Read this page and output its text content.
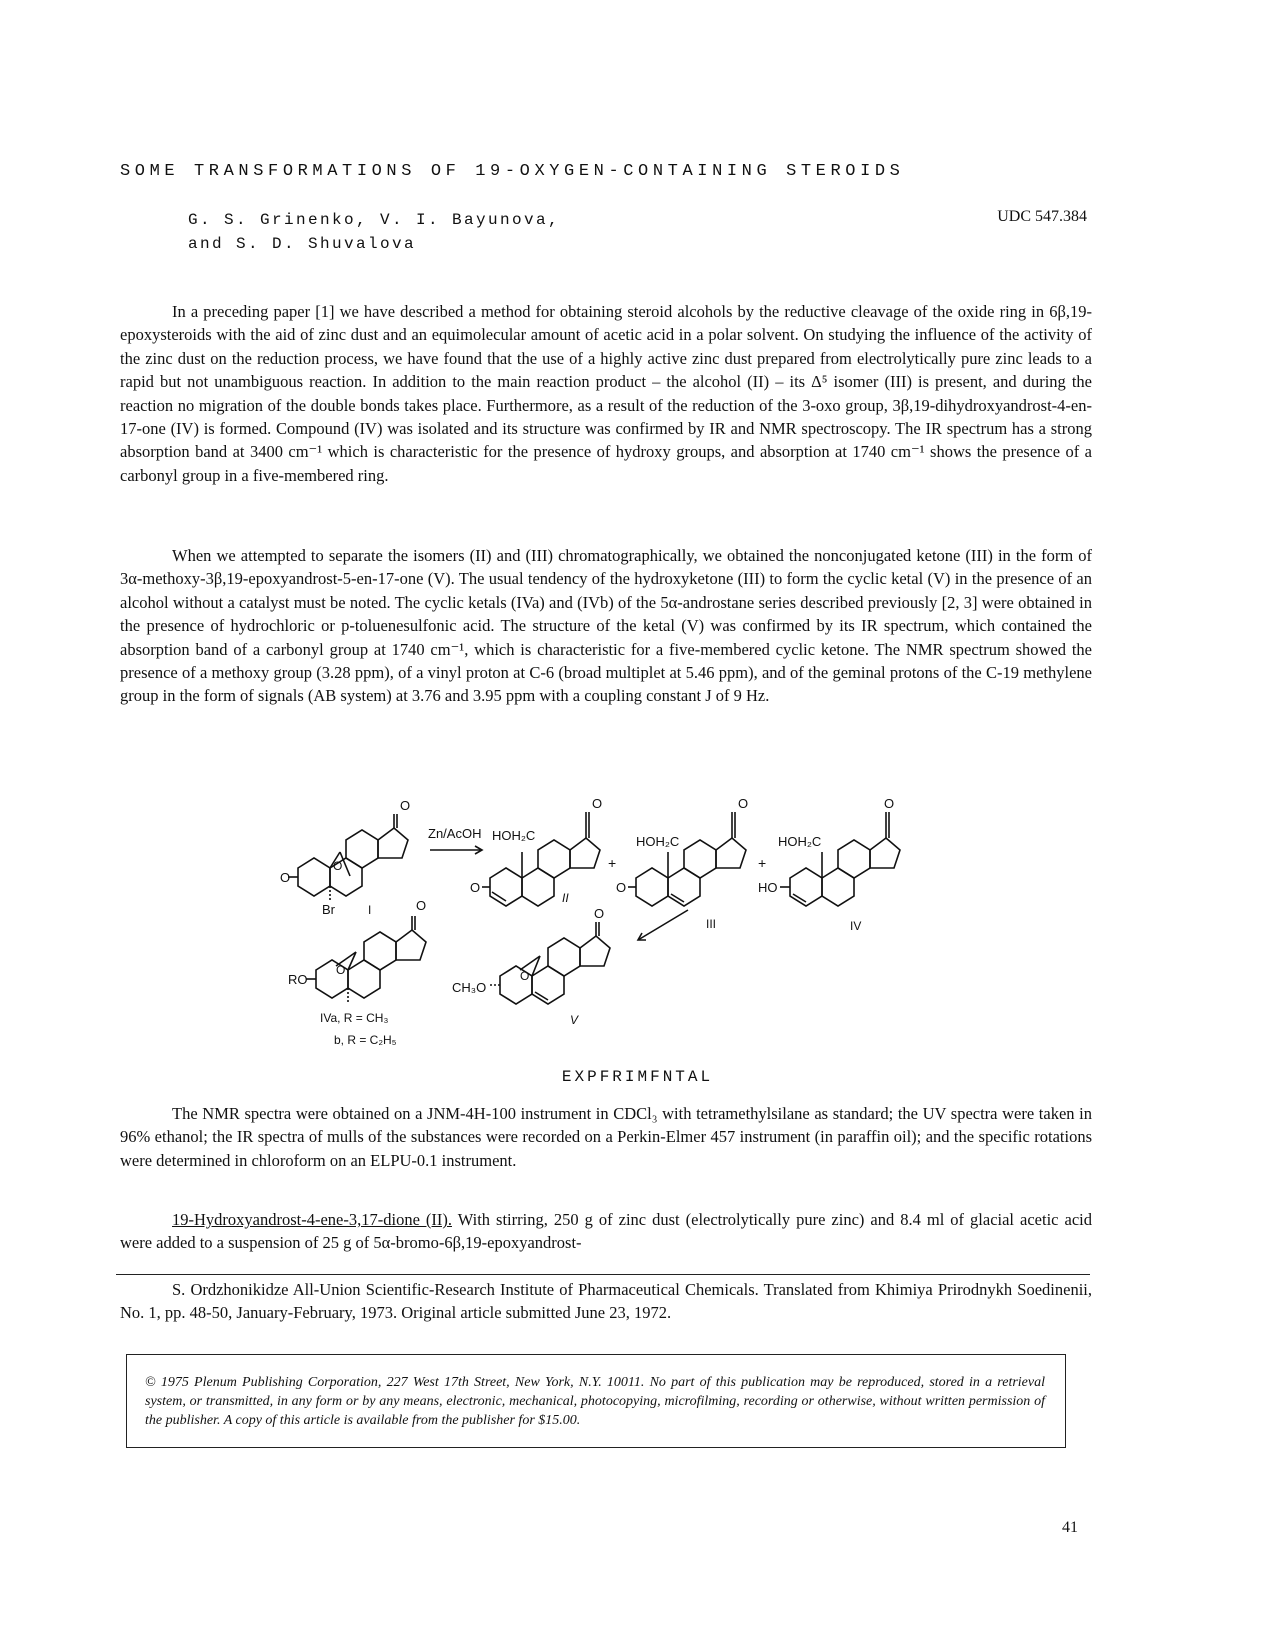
SOME TRANSFORMATIONS OF 19-OXYGEN-CONTAINING STEROIDS
G. S. Grinenko, V. I. Bayunova,
and S. D. Shuvalova
UDC 547.384
In a preceding paper [1] we have described a method for obtaining steroid alcohols by the reductive cleavage of the oxide ring in 6β,19-epoxysteroids with the aid of zinc dust and an equimolecular amount of acetic acid in a polar solvent. On studying the influence of the activity of the zinc dust on the reduction process, we have found that the use of a highly active zinc dust prepared from electrolytically pure zinc leads to a rapid but not unambiguous reaction. In addition to the main reaction product – the alcohol (II) – its Δ⁵ isomer (III) is present, and during the reaction no migration of the double bonds takes place. Furthermore, as a result of the reduction of the 3-oxo group, 3β,19-dihydroxyandrost-4-en-17-one (IV) is formed. Compound (IV) was isolated and its structure was confirmed by IR and NMR spectroscopy. The IR spectrum has a strong absorption band at 3400 cm⁻¹ which is characteristic for the presence of hydroxy groups, and absorption at 1740 cm⁻¹ shows the presence of a carbonyl group in a five-membered ring.
When we attempted to separate the isomers (II) and (III) chromatographically, we obtained the nonconjugated ketone (III) in the form of 3α-methoxy-3β,19-epoxyandrost-5-en-17-one (V). The usual tendency of the hydroxyketone (III) to form the cyclic ketal (V) in the presence of an alcohol without a catalyst must be noted. The cyclic ketals (IVa) and (IVb) of the 5α-androstane series described previously [2, 3] were obtained in the presence of hydrochloric or p-toluenesulfonic acid. The structure of the ketal (V) was confirmed by its IR spectrum, which contained the absorption band of a carbonyl group at 1740 cm⁻¹, which is characteristic for a five-membered cyclic ketone. The NMR spectrum showed the presence of a methoxy group (3.28 ppm), of a vinyl proton at C-6 (broad multiplet at 5.46 ppm), and of the geminal protons of the C-19 methylene group in the form of signals (AB system) at 3.76 and 3.95 ppm with a coupling constant J of 9 Hz.
Zn/AcOH
O
O
O
Br	I
HOH₂C
O
O
II
+
HOH₂C
O
O
III
+
HOH₂C
O
HO
IV
O
RO
O
IVa, R = CH₃
b, R = C₂H₅
O
CH₃O
O
V
EXPFRIMFNTAL
The NMR spectra were obtained on a JNM-4H-100 instrument in CDCl₃ with tetramethylsilane as standard; the UV spectra were taken in 96% ethanol; the IR spectra of mulls of the substances were recorded on a Perkin-Elmer 457 instrument (in paraffin oil); and the specific rotations were determined in chloroform on an ELPU-0.1 instrument.
19-Hydroxyandrost-4-ene-3,17-dione (II). With stirring, 250 g of zinc dust (electrolytically pure zinc) and 8.4 ml of glacial acetic acid were added to a suspension of 25 g of 5α-bromo-6β,19-epoxyandrost-
S. Ordzhonikidze All-Union Scientific-Research Institute of Pharmaceutical Chemicals. Translated from Khimiya Prirodnykh Soedinenii, No. 1, pp. 48-50, January-February, 1973. Original article submitted June 23, 1972.

© 1975 Plenum Publishing Corporation, 227 West 17th Street, New York, N.Y. 10011. No part of this publication may be reproduced, stored in a retrieval system, or transmitted, in any form or by any means, electronic, mechanical, photocopying, microfilming, recording or otherwise, without written permission of the publisher. A copy of this article is available from the publisher for $15.00.

41
